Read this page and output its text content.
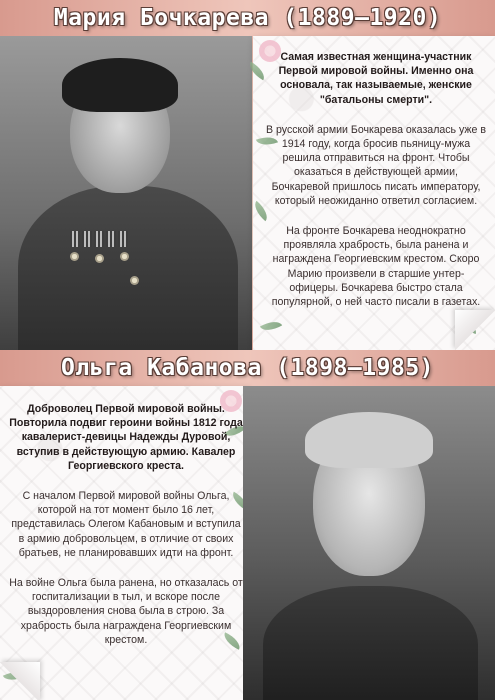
Мария Бочкарева (1889–1920)

Самая известная женщина-участник Первой мировой войны. Именно она основала, так называемые, женские "батальоны смерти".

В русской армии Бочкарева оказалась уже в 1914 году, когда бросив пьяницу-мужа решила отправиться на фронт. Чтобы оказаться в действующей армии, Бочкаревой пришлось писать императору, который неожиданно ответил согласием.

На фронте Бочкарева неоднократно проявляла храбрость, была ранена и награждена Георгиевским крестом. Скоро Марию произвели в старшие унтер-офицеры. Бочкарева быстро стала популярной, о ней часто писали в газетах.

Ольга Кабанова (1898–1985)

Доброволец Первой мировой войны. Повторила подвиг героини войны 1812 года кавалерист-девицы Надежды Дуровой, вступив в действующую армию. Кавалер Георгиевского креста.

С началом Первой мировой войны Ольга, которой на тот момент было 16 лет, представилась Олегом Кабановым и вступила в армию добровольцем, в отличие от своих братьев, не планировавших идти на фронт.

На войне Ольга была ранена, но отказалась от госпитализации в тыл, и вскоре после выздоровления снова была в строю. За храбрость была награждена Георгиевским крестом.
